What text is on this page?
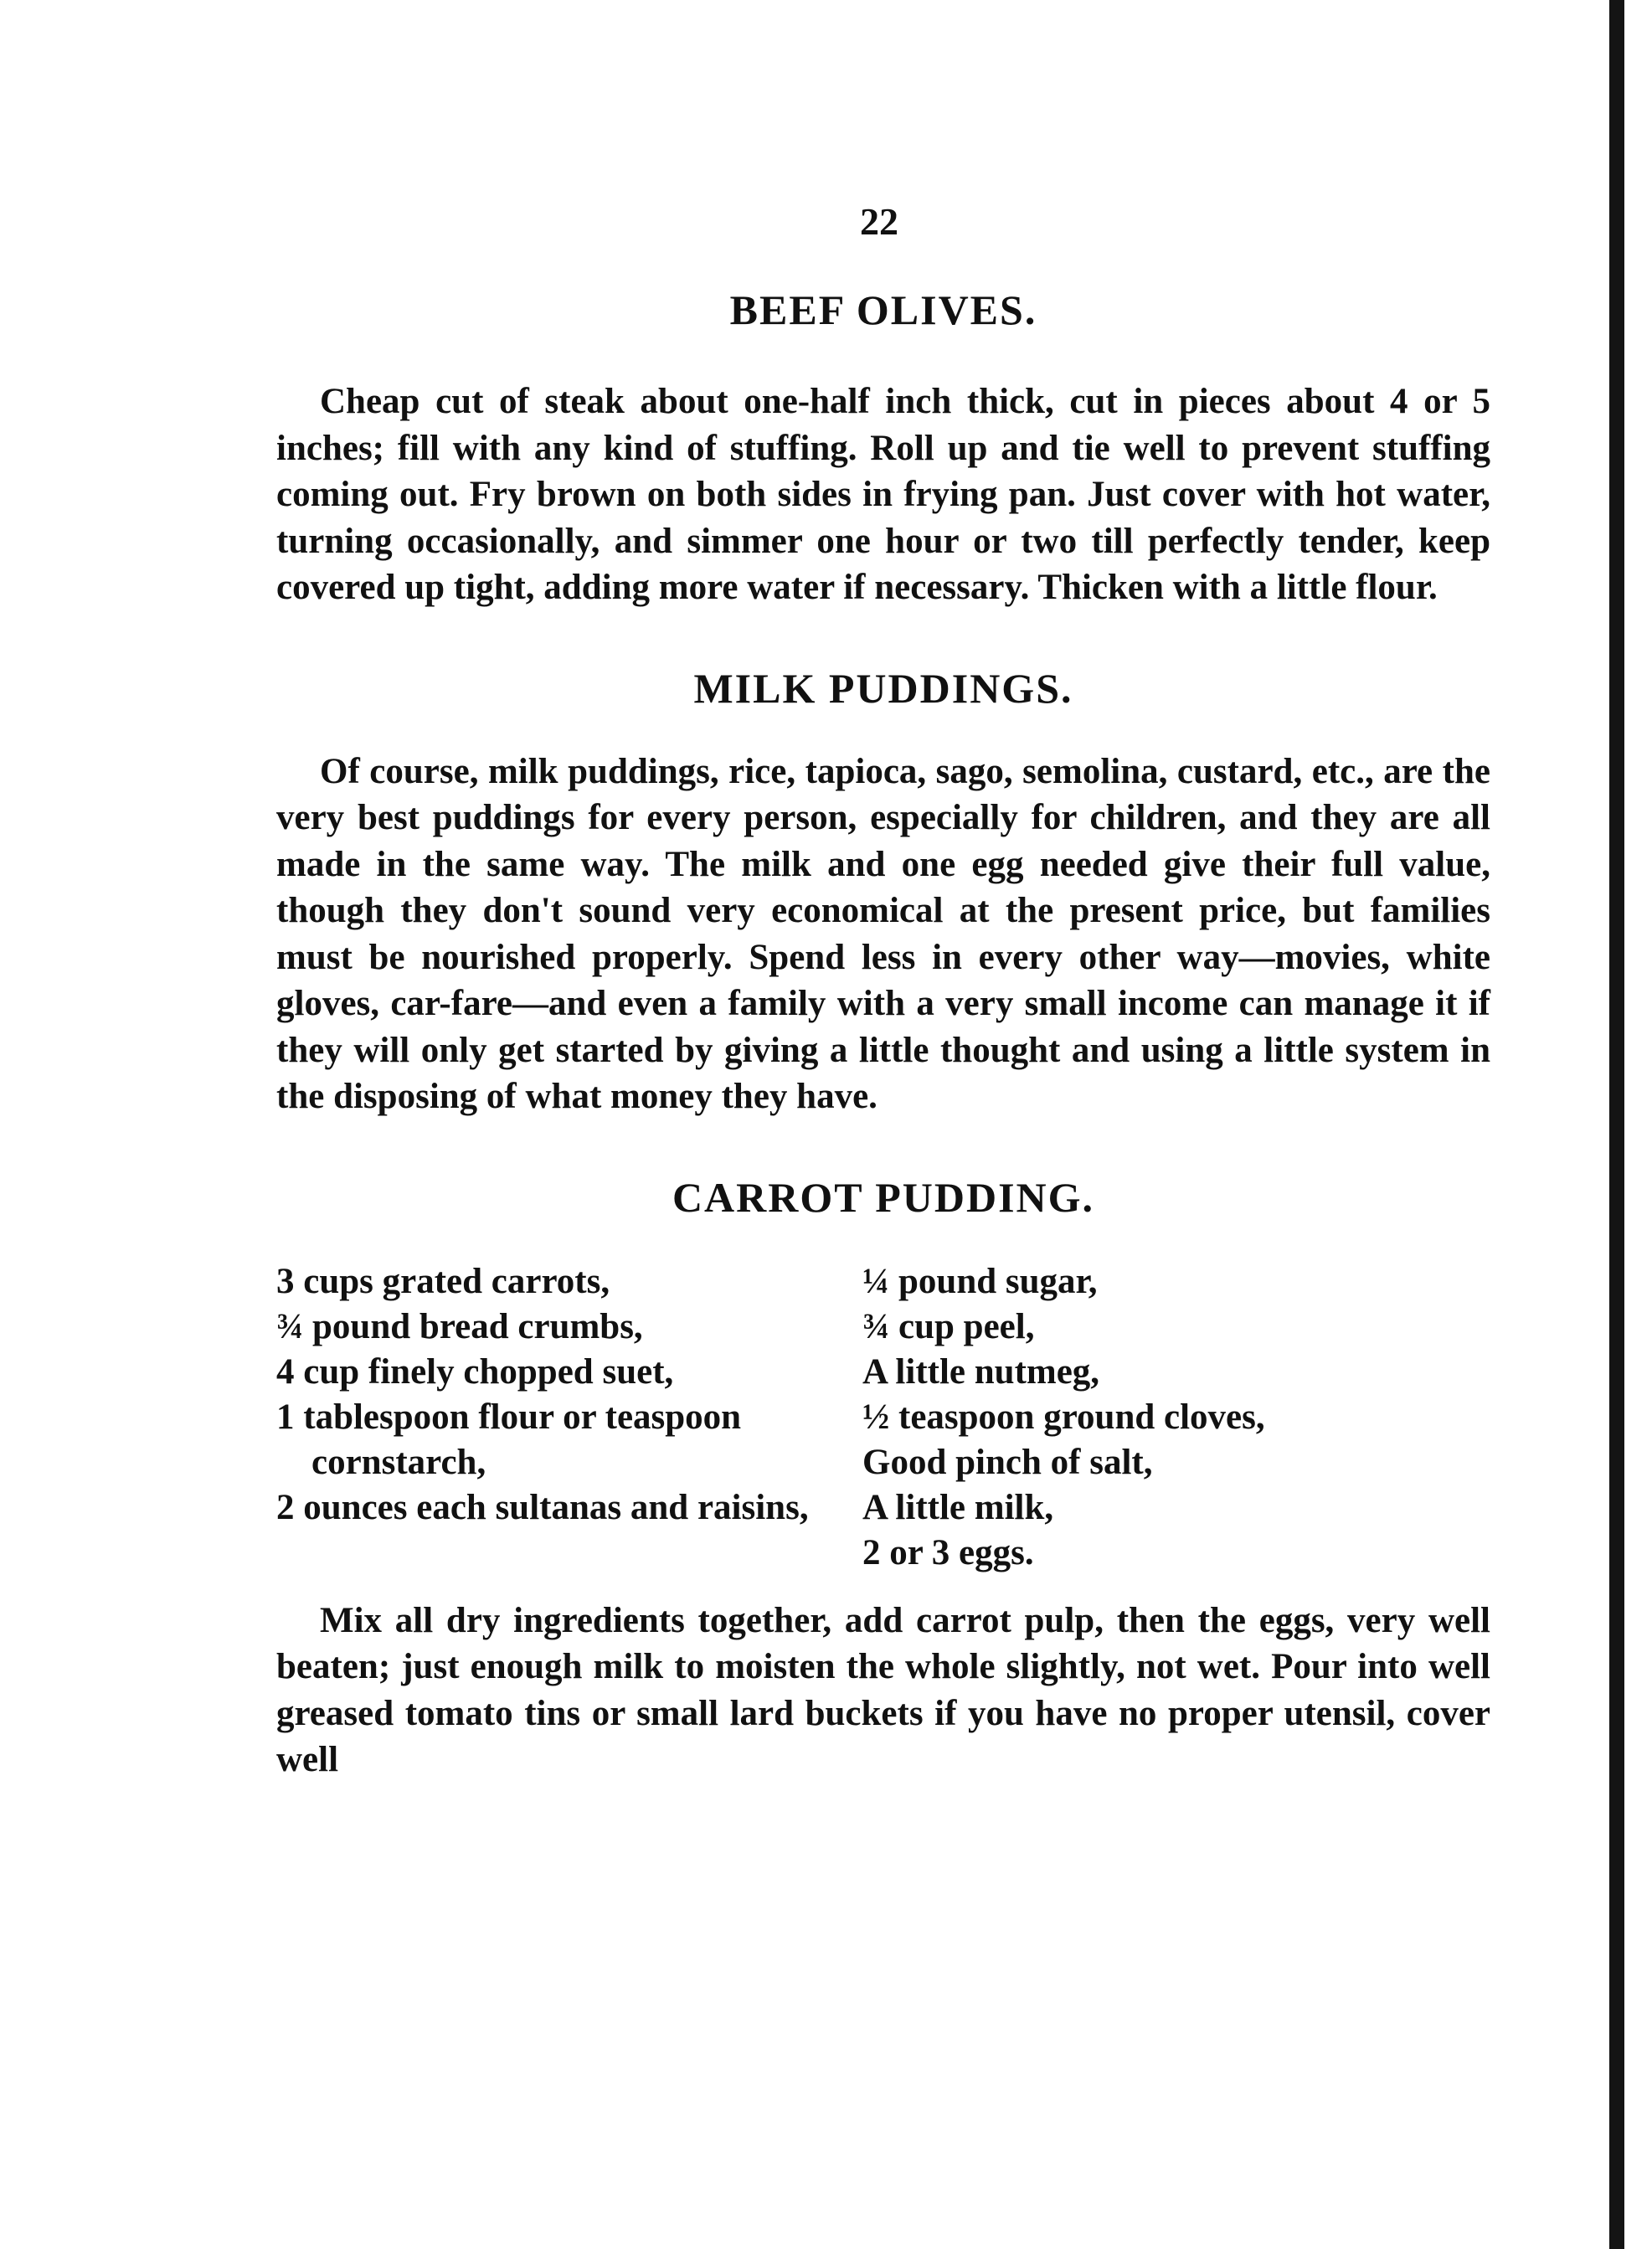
22
BEEF OLIVES.

Cheap cut of steak about one-half inch thick, cut in pieces about 4 or 5 inches; fill with any kind of stuffing. Roll up and tie well to prevent stuffing coming out. Fry brown on both sides in frying pan. Just cover with hot water, turning occasionally, and simmer one hour or two till perfectly tender, keep covered up tight, adding more water if necessary. Thicken with a little flour.

MILK PUDDINGS.

Of course, milk puddings, rice, tapioca, sago, semolina, custard, etc., are the very best puddings for every person, especially for children, and they are all made in the same way. The milk and one egg needed give their full value, though they don't sound very economical at the present price, but families must be nourished properly. Spend less in every other way—movies, white gloves, car-fare—and even a family with a very small income can manage it if they will only get started by giving a little thought and using a little system in the disposing of what money they have.

CARROT PUDDING.
3 cups grated carrots,
¾ pound bread crumbs,
4 cup finely chopped suet,
1 tablespoon flour or teaspoon cornstarch,
2 ounces each sultanas and raisins,
¼ pound sugar,
¾ cup peel,
A little nutmeg,
½ teaspoon ground cloves,
Good pinch of salt,
A little milk,
2 or 3 eggs.

Mix all dry ingredients together, add carrot pulp, then the eggs, very well beaten; just enough milk to moisten the whole slightly, not wet. Pour into well greased tomato tins or small lard buckets if you have no proper utensil, cover well
